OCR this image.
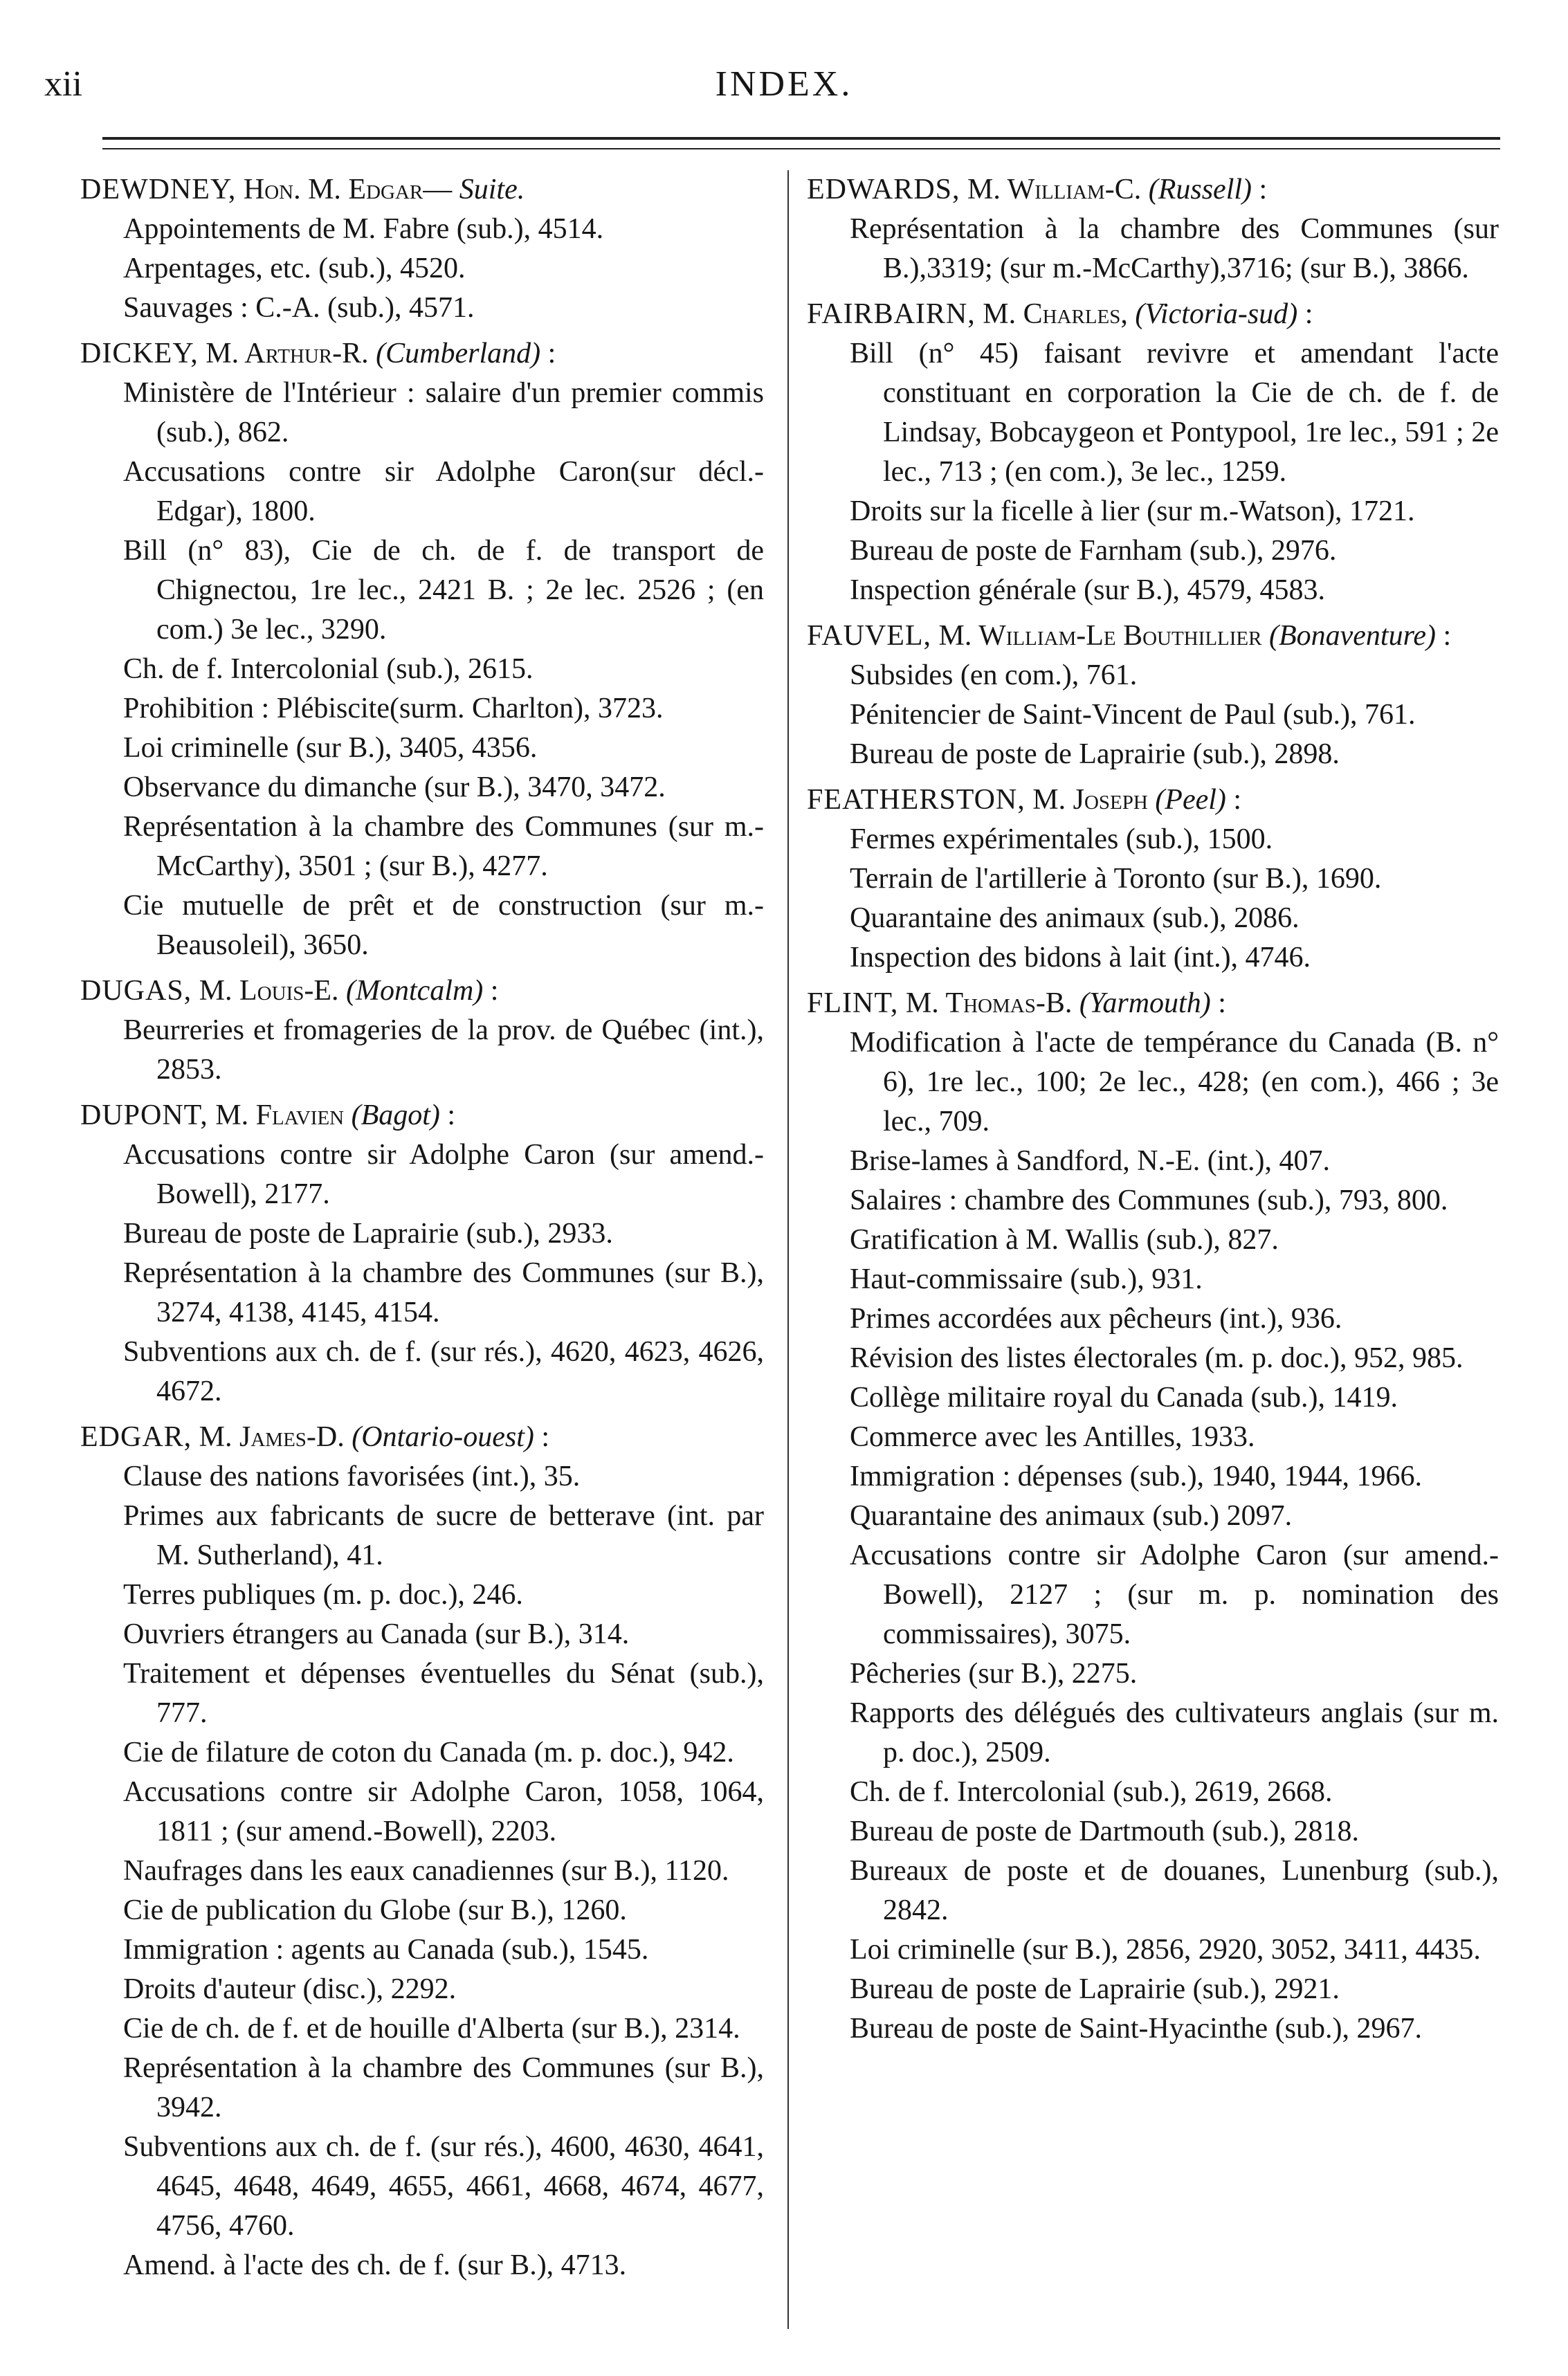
xii	INDEX.
DEWDNEY, Hon. M. Edgar— Suite.
Appointements de M. Fabre (sub.), 4514.
Arpentages, etc. (sub.), 4520.
Sauvages : C.-A. (sub.), 4571.
DICKEY, M. Arthur-R. (Cumberland) :
Ministère de l'Intérieur : salaire d'un premier commis (sub.), 862.
Accusations contre sir Adolphe Caron(sur décl.-Edgar), 1800.
Bill (n° 83), Cie de ch. de f. de transport de Chignectou, 1re lec., 2421 B. ; 2e lec. 2526 ; (en com.) 3e lec., 3290.
Ch. de f. Intercolonial (sub.), 2615.
Prohibition : Plébiscite(surm. Charlton), 3723.
Loi criminelle (sur B.), 3405, 4356.
Observance du dimanche (sur B.), 3470, 3472.
Représentation à la chambre des Communes (sur m.-McCarthy), 3501 ; (sur B.), 4277.
Cie mutuelle de prêt et de construction (sur m.-Beausoleil), 3650.
DUGAS, M. Louis-E. (Montcalm) :
Beurreries et fromageries de la prov. de Québec (int.), 2853.
DUPONT, M. Flavien (Bagot) :
Accusations contre sir Adolphe Caron (sur amend.-Bowell), 2177.
Bureau de poste de Laprairie (sub.), 2933.
Représentation à la chambre des Communes (sur B.), 3274, 4138, 4145, 4154.
Subventions aux ch. de f. (sur rés.), 4620, 4623, 4626, 4672.
EDGAR, M. James-D. (Ontario-ouest) :
Clause des nations favorisées (int.), 35.
Primes aux fabricants de sucre de betterave (int. par M. Sutherland), 41.
Terres publiques (m. p. doc.), 246.
Ouvriers étrangers au Canada (sur B.), 314.
Traitement et dépenses éventuelles du Sénat (sub.), 777.
Cie de filature de coton du Canada (m. p. doc.), 942.
Accusations contre sir Adolphe Caron, 1058, 1064, 1811 ; (sur amend.-Bowell), 2203.
Naufrages dans les eaux canadiennes (sur B.), 1120.
Cie de publication du Globe (sur B.), 1260.
Immigration : agents au Canada (sub.), 1545.
Droits d'auteur (disc.), 2292.
Cie de ch. de f. et de houille d'Alberta (sur B.), 2314.
Représentation à la chambre des Communes (sur B.), 3942.
Subventions aux ch. de f. (sur rés.), 4600, 4630, 4641, 4645, 4648, 4649, 4655, 4661, 4668, 4674, 4677, 4756, 4760.
Amend. à l'acte des ch. de f. (sur B.), 4713.
EDWARDS, M. William-C. (Russell) :
Représentation à la chambre des Communes (sur B.),3319; (sur m.-McCarthy),3716; (sur B.), 3866.
FAIRBAIRN, M. Charles, (Victoria-sud) :
Bill (n° 45) faisant revivre et amendant l'acte constituant en corporation la Cie de ch. de f. de Lindsay, Bobcaygeon et Pontypool, 1re lec., 591 ; 2e lec., 713 ; (en com.), 3e lec., 1259.
Droits sur la ficelle à lier (sur m.-Watson), 1721.
Bureau de poste de Farnham (sub.), 2976.
Inspection générale (sur B.), 4579, 4583.
FAUVEL, M. William-Le Bouthillier (Bonaventure) :
Subsides (en com.), 761.
Pénitencier de Saint-Vincent de Paul (sub.), 761.
Bureau de poste de Laprairie (sub.), 2898.
FEATHERSTON, M. Joseph (Peel) :
Fermes expérimentales (sub.), 1500.
Terrain de l'artillerie à Toronto (sur B.), 1690.
Quarantaine des animaux (sub.), 2086.
Inspection des bidons à lait (int.), 4746.
FLINT, M. Thomas-B. (Yarmouth) :
Modification à l'acte de tempérance du Canada (B. n° 6), 1re lec., 100; 2e lec., 428; (en com.), 466 ; 3e lec., 709.
Brise-lames à Sandford, N.-E. (int.), 407.
Salaires : chambre des Communes (sub.), 793, 800.
Gratification à M. Wallis (sub.), 827.
Haut-commissaire (sub.), 931.
Primes accordées aux pêcheurs (int.), 936.
Révision des listes électorales (m. p. doc.), 952, 985.
Collège militaire royal du Canada (sub.), 1419.
Commerce avec les Antilles, 1933.
Immigration : dépenses (sub.), 1940, 1944, 1966.
Quarantaine des animaux (sub.) 2097.
Accusations contre sir Adolphe Caron (sur amend.-Bowell), 2127 ; (sur m. p. nomination des commissaires), 3075.
Pêcheries (sur B.), 2275.
Rapports des délégués des cultivateurs anglais (sur m. p. doc.), 2509.
Ch. de f. Intercolonial (sub.), 2619, 2668.
Bureau de poste de Dartmouth (sub.), 2818.
Bureaux de poste et de douanes, Lunenburg (sub.), 2842.
Loi criminelle (sur B.), 2856, 2920, 3052, 3411, 4435.
Bureau de poste de Laprairie (sub.), 2921.
Bureau de poste de Saint-Hyacinthe (sub.), 2967.
